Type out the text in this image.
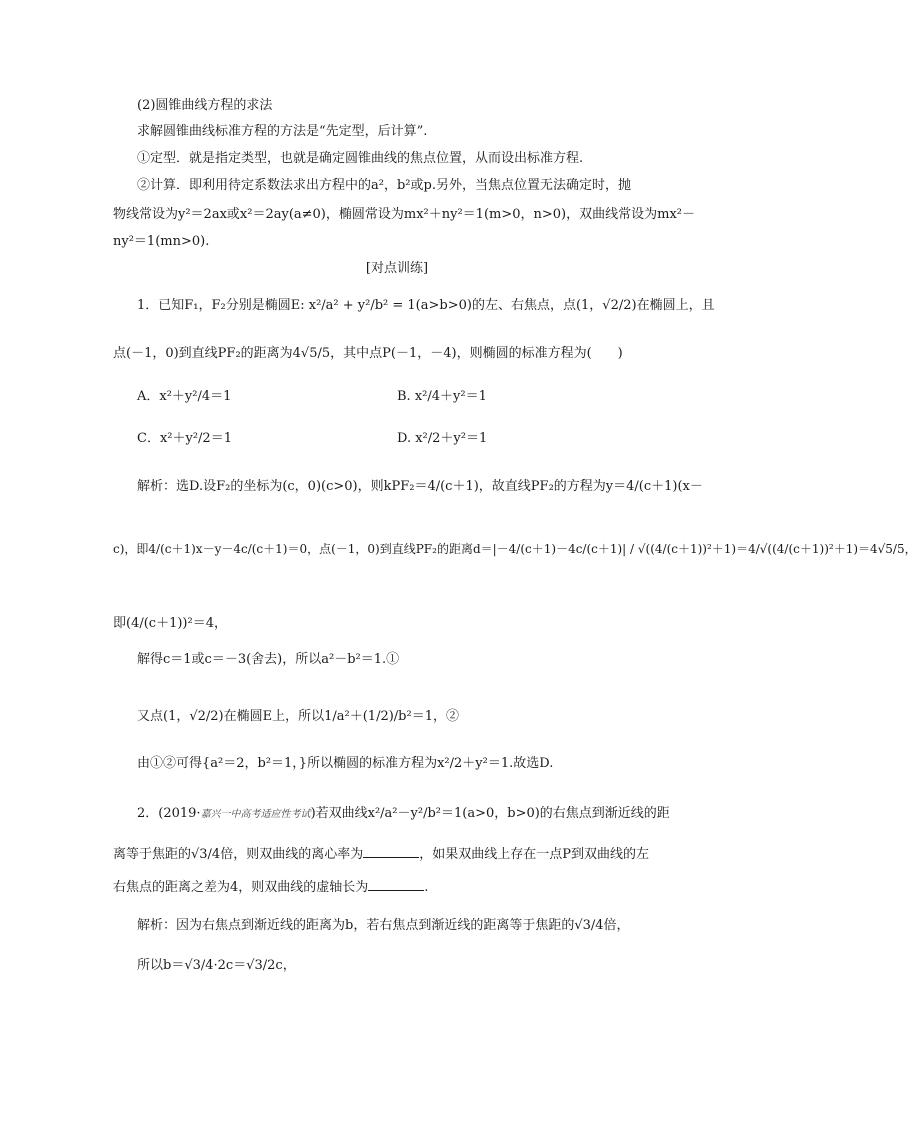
(2)圆锥曲线方程的求法
求解圆锥曲线标准方程的方法是“先定型，后计算”.
①定型．就是指定类型，也就是确定圆锥曲线的焦点位置，从而设出标准方程.
②计算．即利用待定系数法求出方程中的a²，b²或p.另外，当焦点位置无法确定时，抛
物线常设为y²＝2ax或x²＝2ay(a≠0)，椭圆常设为mx²＋ny²＝1(m>0，n>0)，双曲线常设为mx²－
ny²＝1(mn>0).
[对点训练]
1．已知F₁，F₂分别是椭圆E: x²/a² + y²/b² = 1(a>b>0)的左、右焦点，点(1，√2/2)在椭圆上，且
点(－1，0)到直线PF₂的距离为4√5/5，其中点P(－1，－4)，则椭圆的标准方程为(　　)
A．x²＋y²/4＝1	B. x²/4＋y²＝1
C．x²＋y²/2＝1	D. x²/2＋y²＝1
解析：选D.设F₂的坐标为(c，0)(c>0)，则kPF₂＝4/(c＋1)，故直线PF₂的方程为y＝4/(c＋1)(x－
c)，即4/(c＋1)x－y－4c/(c＋1)＝0，点(－1，0)到直线PF₂的距离d＝|－4/(c＋1)－4c/(c＋1)| / √((4/(c＋1))²＋1)＝4/√((4/(c＋1))²＋1)＝4√5/5，
即(4/(c＋1))²＝4，
解得c＝1或c＝－3(舍去)，所以a²－b²＝1.①
又点(1，√2/2)在椭圆E上，所以1/a²＋(1/2)/b²＝1，②
由①②可得{a²＝2，b²＝1，}所以椭圆的标准方程为x²/2＋y²＝1.故选D.
2．(2019·嘉兴一中高考适应性考试)若双曲线x²/a²－y²/b²＝1(a>0，b>0)的右焦点到渐近线的距
离等于焦距的√3/4倍，则双曲线的离心率为	，如果双曲线上存在一点P到双曲线的左
右焦点的距离之差为4，则双曲线的虚轴长为	.
解析：因为右焦点到渐近线的距离为b，若右焦点到渐近线的距离等于焦距的√3/4倍，
所以b＝√3/4·2c＝√3/2c，
